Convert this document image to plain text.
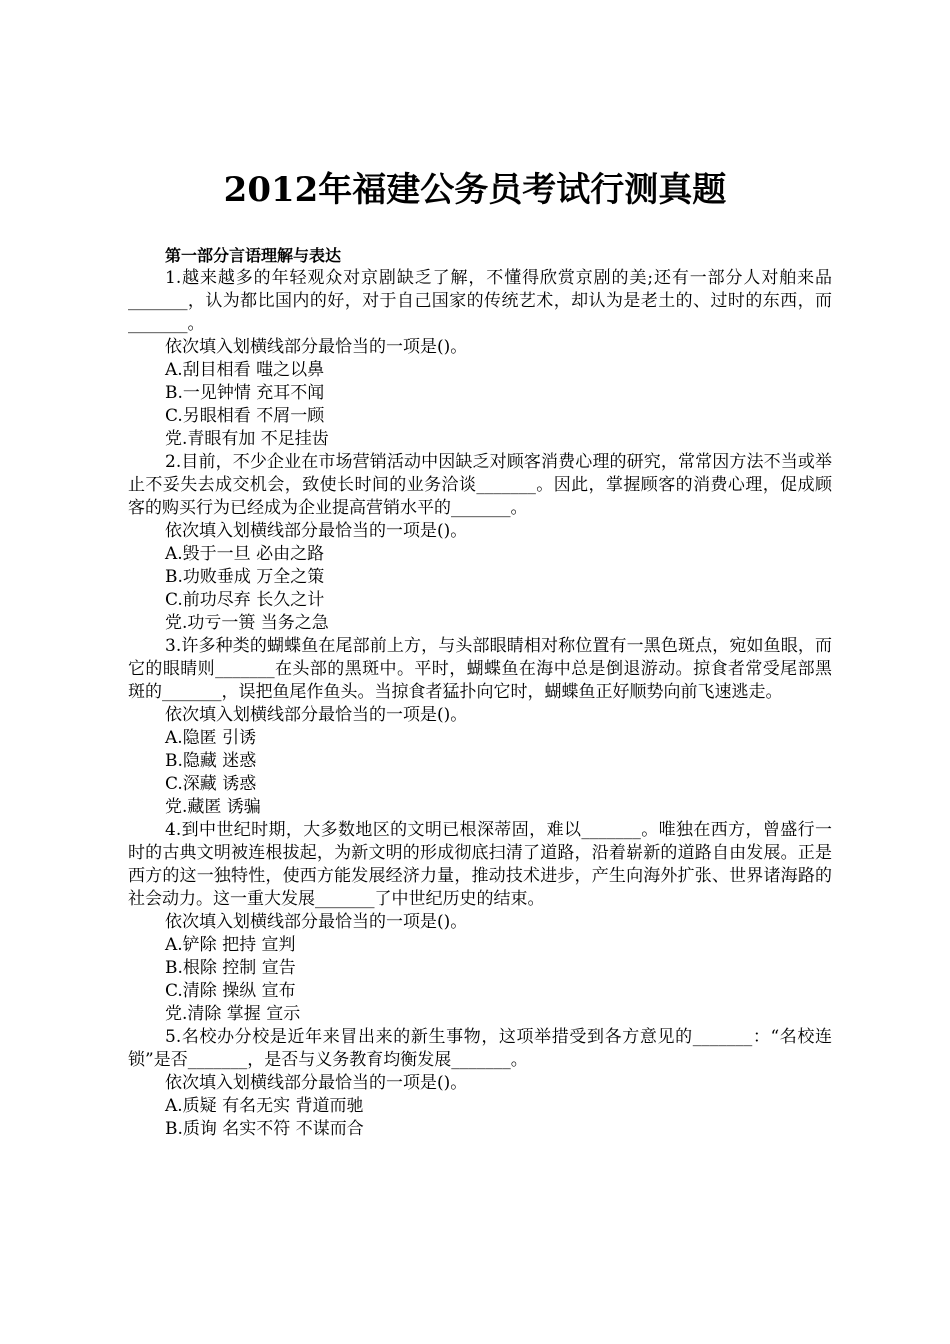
2012年福建公务员考试行测真题
第一部分言语理解与表达

1.越来越多的年轻观众对京剧缺乏了解，不懂得欣赏京剧的美;还有一部分人对舶来品_______，认为都比国内的好，对于自己国家的传统艺术，却认为是老土的、过时的东西，而_______。

依次填入划横线部分最恰当的一项是()。
A.刮目相看 嗤之以鼻
B.一见钟情 充耳不闻
C.另眼相看 不屑一顾
党.青眼有加 不足挂齿

2.目前，不少企业在市场营销活动中因缺乏对顾客消费心理的研究，常常因方法不当或举止不妥失去成交机会，致使长时间的业务洽谈_______。因此，掌握顾客的消费心理，促成顾客的购买行为已经成为企业提高营销水平的_______。

依次填入划横线部分最恰当的一项是()。
A.毁于一旦 必由之路
B.功败垂成 万全之策
C.前功尽弃 长久之计
党.功亏一篑 当务之急

3.许多种类的蝴蝶鱼在尾部前上方，与头部眼睛相对称位置有一黑色斑点，宛如鱼眼，而它的眼睛则_______在头部的黑斑中。平时，蝴蝶鱼在海中总是倒退游动。掠食者常受尾部黑斑的_______，误把鱼尾作鱼头。当掠食者猛扑向它时，蝴蝶鱼正好顺势向前飞速逃走。

依次填入划横线部分最恰当的一项是()。
A.隐匿 引诱
B.隐藏 迷惑
C.深藏 诱惑
党.藏匿 诱骗

4.到中世纪时期，大多数地区的文明已根深蒂固，难以_______。唯独在西方，曾盛行一时的古典文明被连根拔起，为新文明的形成彻底扫清了道路，沿着崭新的道路自由发展。正是西方的这一独特性，使西方能发展经济力量，推动技术进步，产生向海外扩张、世界诸海路的社会动力。这一重大发展_______了中世纪历史的结束。

依次填入划横线部分最恰当的一项是()。
A.铲除 把持 宣判
B.根除 控制 宣告
C.清除 操纵 宣布
党.清除 掌握 宣示

5.名校办分校是近年来冒出来的新生事物，这项举措受到各方意见的_______：“名校连锁”是否_______，是否与义务教育均衡发展_______。

依次填入划横线部分最恰当的一项是()。
A.质疑 有名无实 背道而驰
B.质询 名实不符 不谋而合
